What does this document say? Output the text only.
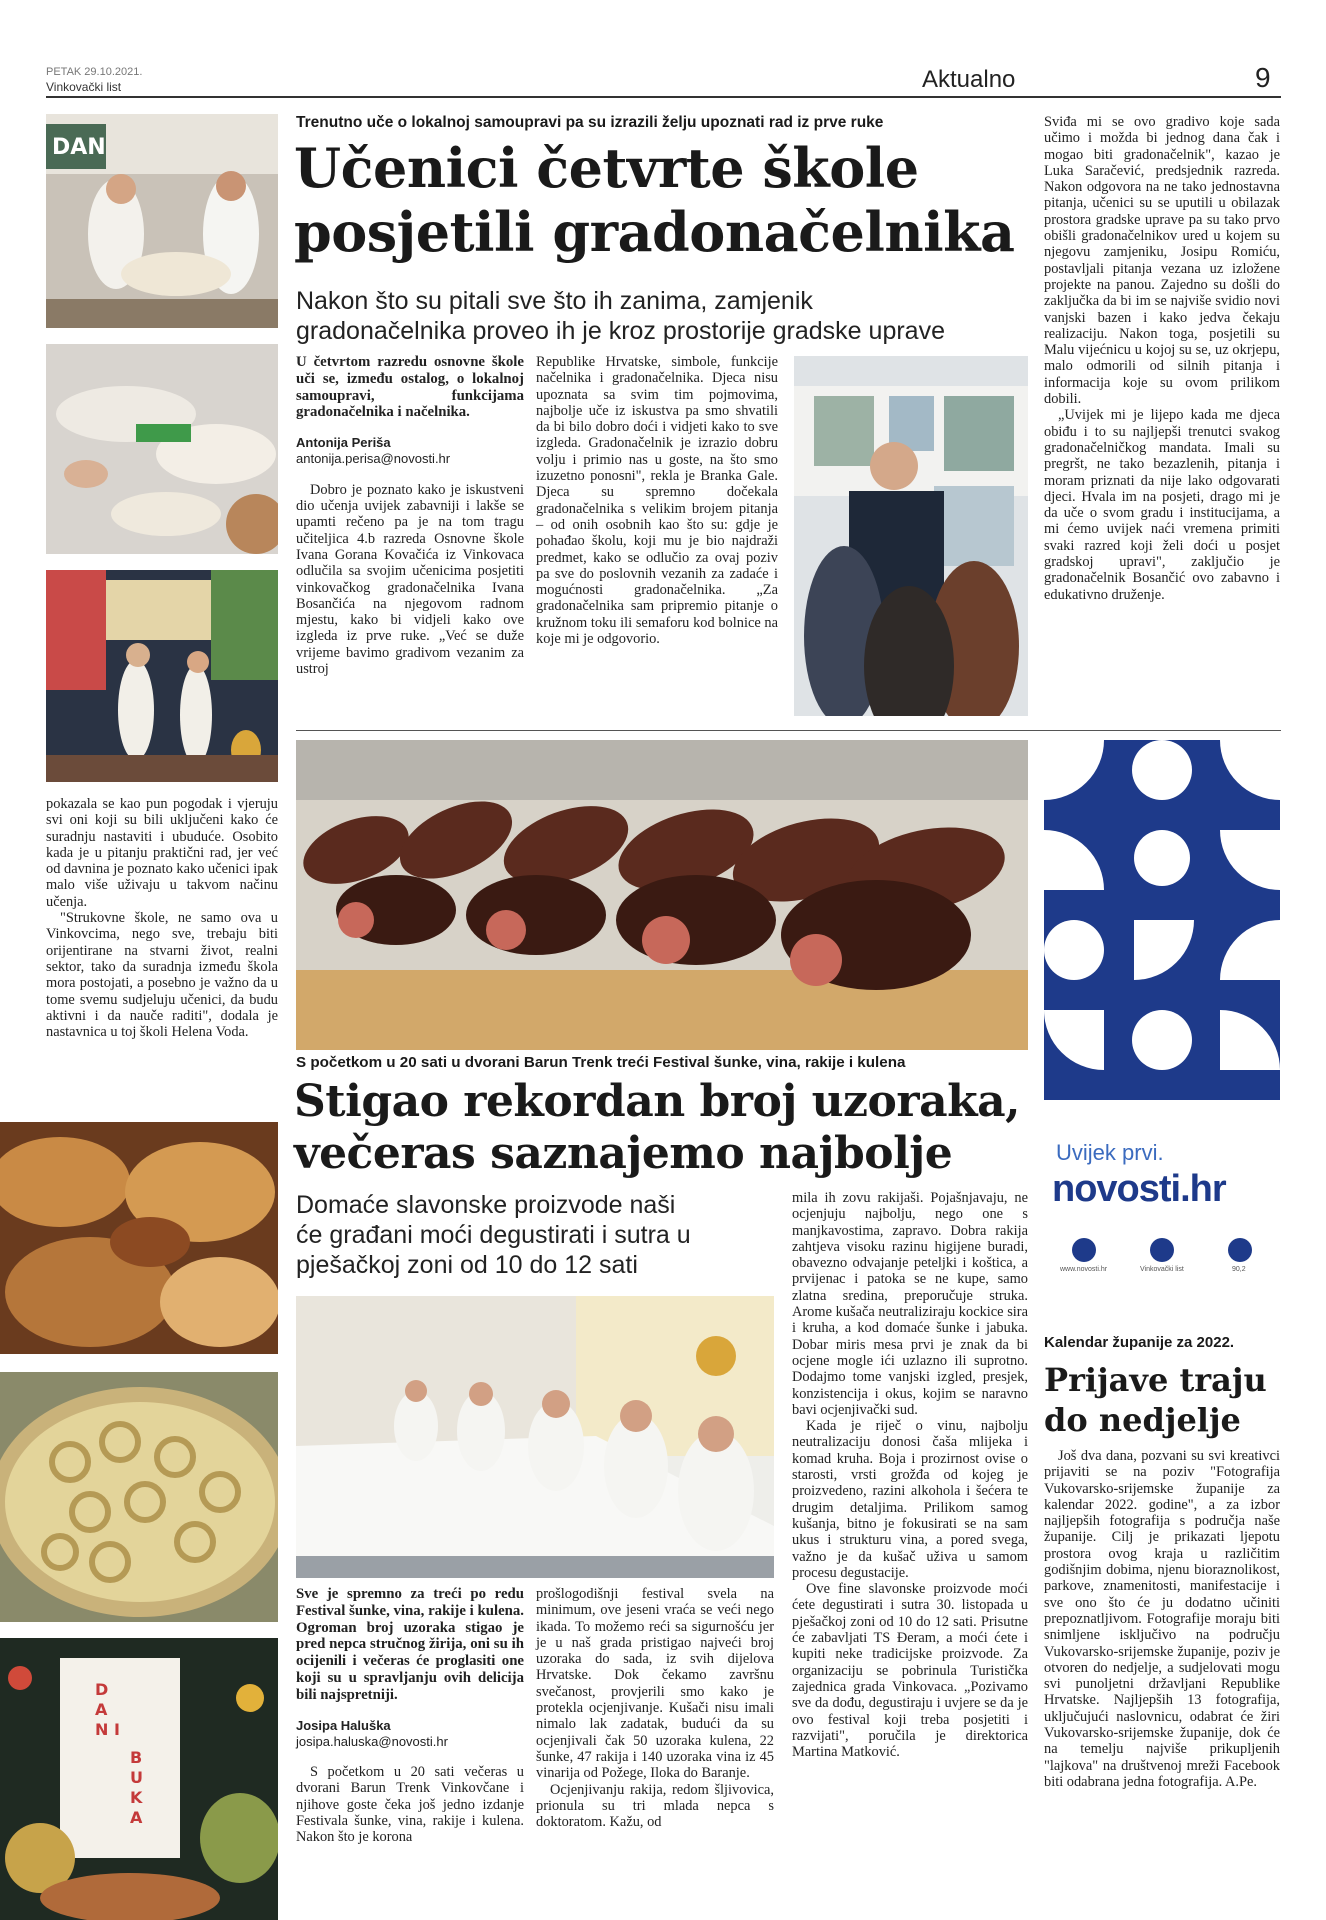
PETAK 29.10.2021.
Vinkovački list	Aktualno	9
DAN

pokazala se kao pun pogodak i vjeruju svi oni koji su bili uključeni kako će suradnju nastaviti i ubuduće. Osobito kada je u pitanju praktični rad, jer već od davnina je poznato kako učenici ipak malo više uživaju u takvom načinu učenja.

"Strukovne škole, ne samo ova u Vinkovcima, nego sve, trebaju biti orijentirane na stvarni život, realni sektor, tako da suradnja između škola mora postojati, a posebno je važno da u tome svemu sudjeluju učenici, da budu aktivni i da nauče raditi", dodala je nastavnica u toj školi Helena Voda.

D A N I
B U K A
Trenutno uče o lokalnoj samoupravi pa su izrazili želju upoznati rad iz prve ruke
Učenici četvrte škole
posjetili gradonačelnika
Nakon što su pitali sve što ih zanima, zamjenik
gradonačelnika proveo ih je kroz prostorije gradske uprave

U četvrtom razredu osnovne škole uči se, između ostalog, o lokalnoj samoupravi, funkcijama gradonačelnika i načelnika.

Antonija Periša
antonija.perisa@novosti.hr

Dobro je poznato kako je iskustveni dio učenja uvijek zabavniji i lakše se upamti rečeno pa je na tom tragu učiteljica 4.b razreda Osnovne škole Ivana Gorana Kovačića iz Vinkovaca odlučila sa svojim učenicima posjetiti vinkovačkog gradonačelnika Ivana Bosančića na njegovom radnom mjestu, kako bi vidjeli kako ove izgleda iz prve ruke. „Već se duže vrijeme bavimo gradivom vezanim za ustroj

Republike Hrvatske, simbole, funkcije načelnika i gradonačelnika. Djeca nisu upoznata sa svim tim pojmovima, najbolje uče iz iskustva pa smo shvatili da bi bilo dobro doći i vidjeti kako to sve izgleda. Gradonačelnik je izrazio dobru volju i primio nas u goste, na što smo izuzetno ponosni", rekla je Branka Gale. Djeca su spremno dočekala gradonačelnika s velikim brojem pitanja – od onih osobnih kao što su: gdje je pohađao školu, koji mu je bio najdraži predmet, kako se odlučio za ovaj poziv pa sve do poslovnih vezanih za zadaće i mogućnosti gradonačelnika. „Za gradonačelnika sam pripremio pitanje o kružnom toku ili semaforu kod bolnice na koje mi je odgovorio.

Sviđa mi se ovo gradivo koje sada učimo i možda bi jednog dana čak i mogao biti gradonačelnik", kazao je Luka Saračević, predsjednik razreda. Nakon odgovora na ne tako jednostavna pitanja, učenici su se uputili u obilazak prostora gradske uprave pa su tako prvo obišli gradonačelnikov ured u kojem su njegovu zamjeniku, Josipu Romiću, postavljali pitanja vezana uz izložene projekte na panou. Zajedno su došli do zaključka da bi im se najviše svidio novi vanjski bazen i kako jedva čekaju realizaciju. Nakon toga, posjetili su Malu vijećnicu u kojoj su se, uz okrjepu, malo odmorili od silnih pitanja i informacija koje su ovom prilikom dobili.

„Uvijek mi je lijepo kada me djeca obiđu i to su najljepši trenutci svakog gradonačelničkog mandata. Imali su pregršt, ne tako bezazlenih, pitanja i moram priznati da nije lako odgovarati djeci. Hvala im na posjeti, drago mi je da uče o svom gradu i institucijama, a mi ćemo uvijek naći vremena primiti svaki razred koji želi doći u posjet gradskoj upravi", zaključio je gradonačelnik Bosančić ovo zabavno i edukativno druženje.

S početkom u 20 sati u dvorani Barun Trenk treći Festival šunke, vina, rakije i kulena
Stigao rekordan broj uzoraka,
večeras saznajemo najbolje
Domaće slavonske proizvode naši
će građani moći degustirati i sutra u
pješačkoj zoni od 10 do 12 sati

Sve je spremno za treći po redu Festival šunke, vina, rakije i kulena. Ogroman broj uzoraka stigao je pred nepca stručnog žirija, oni su ih ocijenili i večeras će proglasiti one koji su u spravljanju ovih delicija bili najspretniji.

Josipa Haluška
josipa.haluska@novosti.hr

S početkom u 20 sati večeras u dvorani Barun Trenk Vinkovčane i njihove goste čeka još jedno izdanje Festivala šunke, vina, rakije i kulena. Nakon što je korona

prošlogodišnji festival svela na minimum, ove jeseni vraća se veći nego ikada. To možemo reći sa sigurnošću jer je u naš grada pristigao najveći broj uzoraka do sada, iz svih dijelova Hrvatske. Dok čekamo završnu svečanost, provjerili smo kako je protekla ocjenjivanje. Kušači nisu imali nimalo lak zadatak, budući da su ocjenjivali čak 50 uzoraka kulena, 22 šunke, 47 rakija i 140 uzoraka vina iz 45 vinarija od Požege, Iloka do Baranje.

Ocjenjivanju rakija, redom šljivovica, prionula su tri mlada nepca s doktoratom. Kažu, od

mila ih zovu rakijaši. Pojašnjavaju, ne ocjenjuju najbolju, nego one s manjkavostima, zapravo. Dobra rakija zahtjeva visoku razinu higijene buradi, obavezno odvajanje peteljki i koštica, a prvijenac i patoka se ne kupe, samo zlatna sredina, preporučuje struka. Arome kušača neutraliziraju kockice sira i kruha, a kod domaće šunke i jabuka. Dobar miris mesa prvi je znak da bi ocjene mogle ići uzlazno ili suprotno. Dodajmo tome vanjski izgled, presjek, konzistencija i okus, kojim se naravno bavi ocjenjivački sud.

Kada je riječ o vinu, najbolju neutralizaciju donosi čaša mlijeka i komad kruha. Boja i prozirnost ovise o starosti, vrsti grožđa od kojeg je proizvedeno, razini alkohola i šećera te drugim detaljima. Prilikom samog kušanja, bitno je fokusirati se na sam ukus i strukturu vina, a pored svega, važno je da kušač uživa u samom procesu degustacije.

Ove fine slavonske proizvode moći ćete degustirati i sutra 30. listopada u pješačkoj zoni od 10 do 12 sati. Prisutne će zabavljati TS Đeram, a moći ćete i kupiti neke tradicijske proizvode. Za organizaciju se pobrinula Turistička zajednica grada Vinkovaca. „Pozivamo sve da dođu, degustiraju i uvjere se da je ovo festival koji treba posjetiti i razvijati", poručila je direktorica Martina Matković.

Uvijek prvi.
novosti.hr
www.novosti.hr	Vinkovački list	90,2
Kalendar županije za 2022.
Prijave traju
do nedjelje

Još dva dana, pozvani su svi kreativci prijaviti se na poziv "Fotografija Vukovarsko-srijemske županije za kalendar 2022. godine", a za izbor najljepših fotografija s područja naše županije. Cilj je prikazati ljepotu prostora ovog kraja u različitim godišnjim dobima, njenu bioraznolikost, parkove, znamenitosti, manifestacije i sve ono što će ju dodatno učiniti prepoznatljivom. Fotografije moraju biti snimljene isključivo na području Vukovarsko-srijemske županije, poziv je otvoren do nedjelje, a sudjelovati mogu svi punoljetni državljani Republike Hrvatske. Najljepših 13 fotografija, uključujući naslovnicu, odabrat će žiri Vukovarsko-srijemske županije, dok će na temelju najviše prikupljenih "lajkova" na društvenoj mreži Facebook biti odabrana jedna fotografija. A.Pe.
